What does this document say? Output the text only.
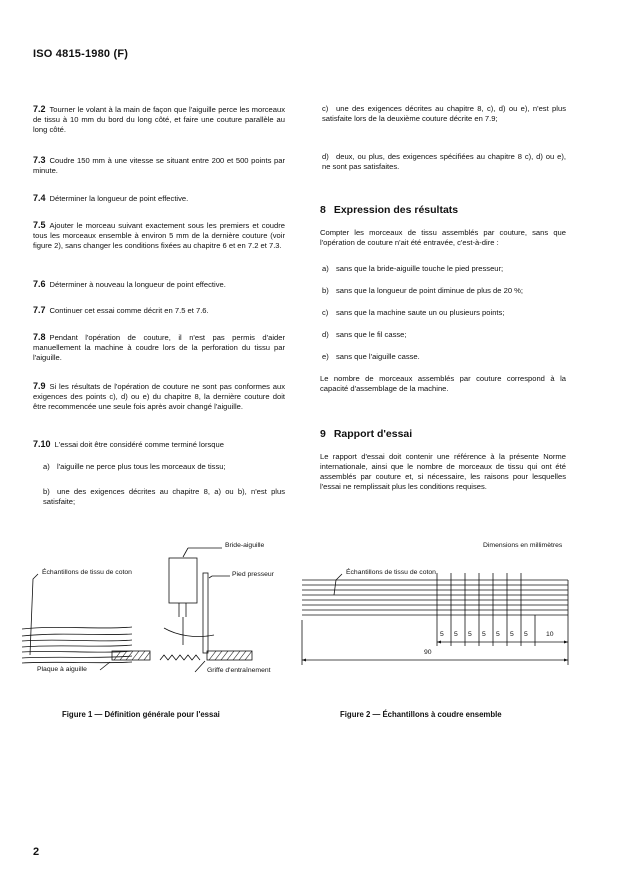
ISO 4815-1980 (F)

7.2 Tourner le volant à la main de façon que l'aiguille perce les morceaux de tissu à 10 mm du bord du long côté, et faire une couture parallèle au long côté.

7.3 Coudre 150 mm à une vitesse se situant entre 200 et 500 points par minute.

7.4 Déterminer la longueur de point effective.

7.5 Ajouter le morceau suivant exactement sous les premiers et coudre tous les morceaux ensemble à environ 5 mm de la dernière couture (voir figure 2), sans changer les conditions fixées au chapitre 6 et en 7.2 et 7.3.

7.6 Déterminer à nouveau la longueur de point effective.

7.7 Continuer cet essai comme décrit en 7.5 et 7.6.

7.8 Pendant l'opération de couture, il n'est pas permis d'aider manuellement la machine à coudre lors de la perforation du tissu par l'aiguille.

7.9 Si les résultats de l'opération de couture ne sont pas conformes aux exigences des points c), d) ou e) du chapitre 8, la dernière couture doit être recommencée une seule fois après avoir changé l'aiguille.

7.10 L'essai doit être considéré comme terminé lorsque

a) l'aiguille ne perce plus tous les morceaux de tissu;

b) une des exigences décrites au chapitre 8, a) ou b), n'est plus satisfaite;

c) une des exigences décrites au chapitre 8, c), d) ou e), n'est plus satisfaite lors de la deuxième couture décrite en 7.9;

d) deux, ou plus, des exigences spécifiées au chapitre 8 c), d) ou e), ne sont pas satisfaites.

8 Expression des résultats

Compter les morceaux de tissu assemblés par couture, sans que l'opération de couture n'ait été entravée, c'est-à-dire :

a) sans que la bride-aiguille touche le pied presseur;

b) sans que la longueur de point diminue de plus de 20 %;

c) sans que la machine saute un ou plusieurs points;

d) sans que le fil casse;

e) sans que l'aiguille casse.

Le nombre de morceaux assemblés par couture correspond à la capacité d'assemblage de la machine.

9 Rapport d'essai

Le rapport d'essai doit contenir une référence à la présente Norme internationale, ainsi que le nombre de morceaux de tissu qui ont été assemblés par couture et, si nécessaire, les raisons pour lesquelles l'essai ne remplissait plus les conditions requises.

Bride-aiguille
Échantillons de tissu de coton	Pied presseur
Plaque à aiguille	Griffe d'entraînement
Figure 1 — Définition générale pour l'essai
Dimensions en millimètres
Échantillons de tissu de coton
5 5 5 5 5 5 5	10
90
Figure 2 — Échantillons à coudre ensemble
2
